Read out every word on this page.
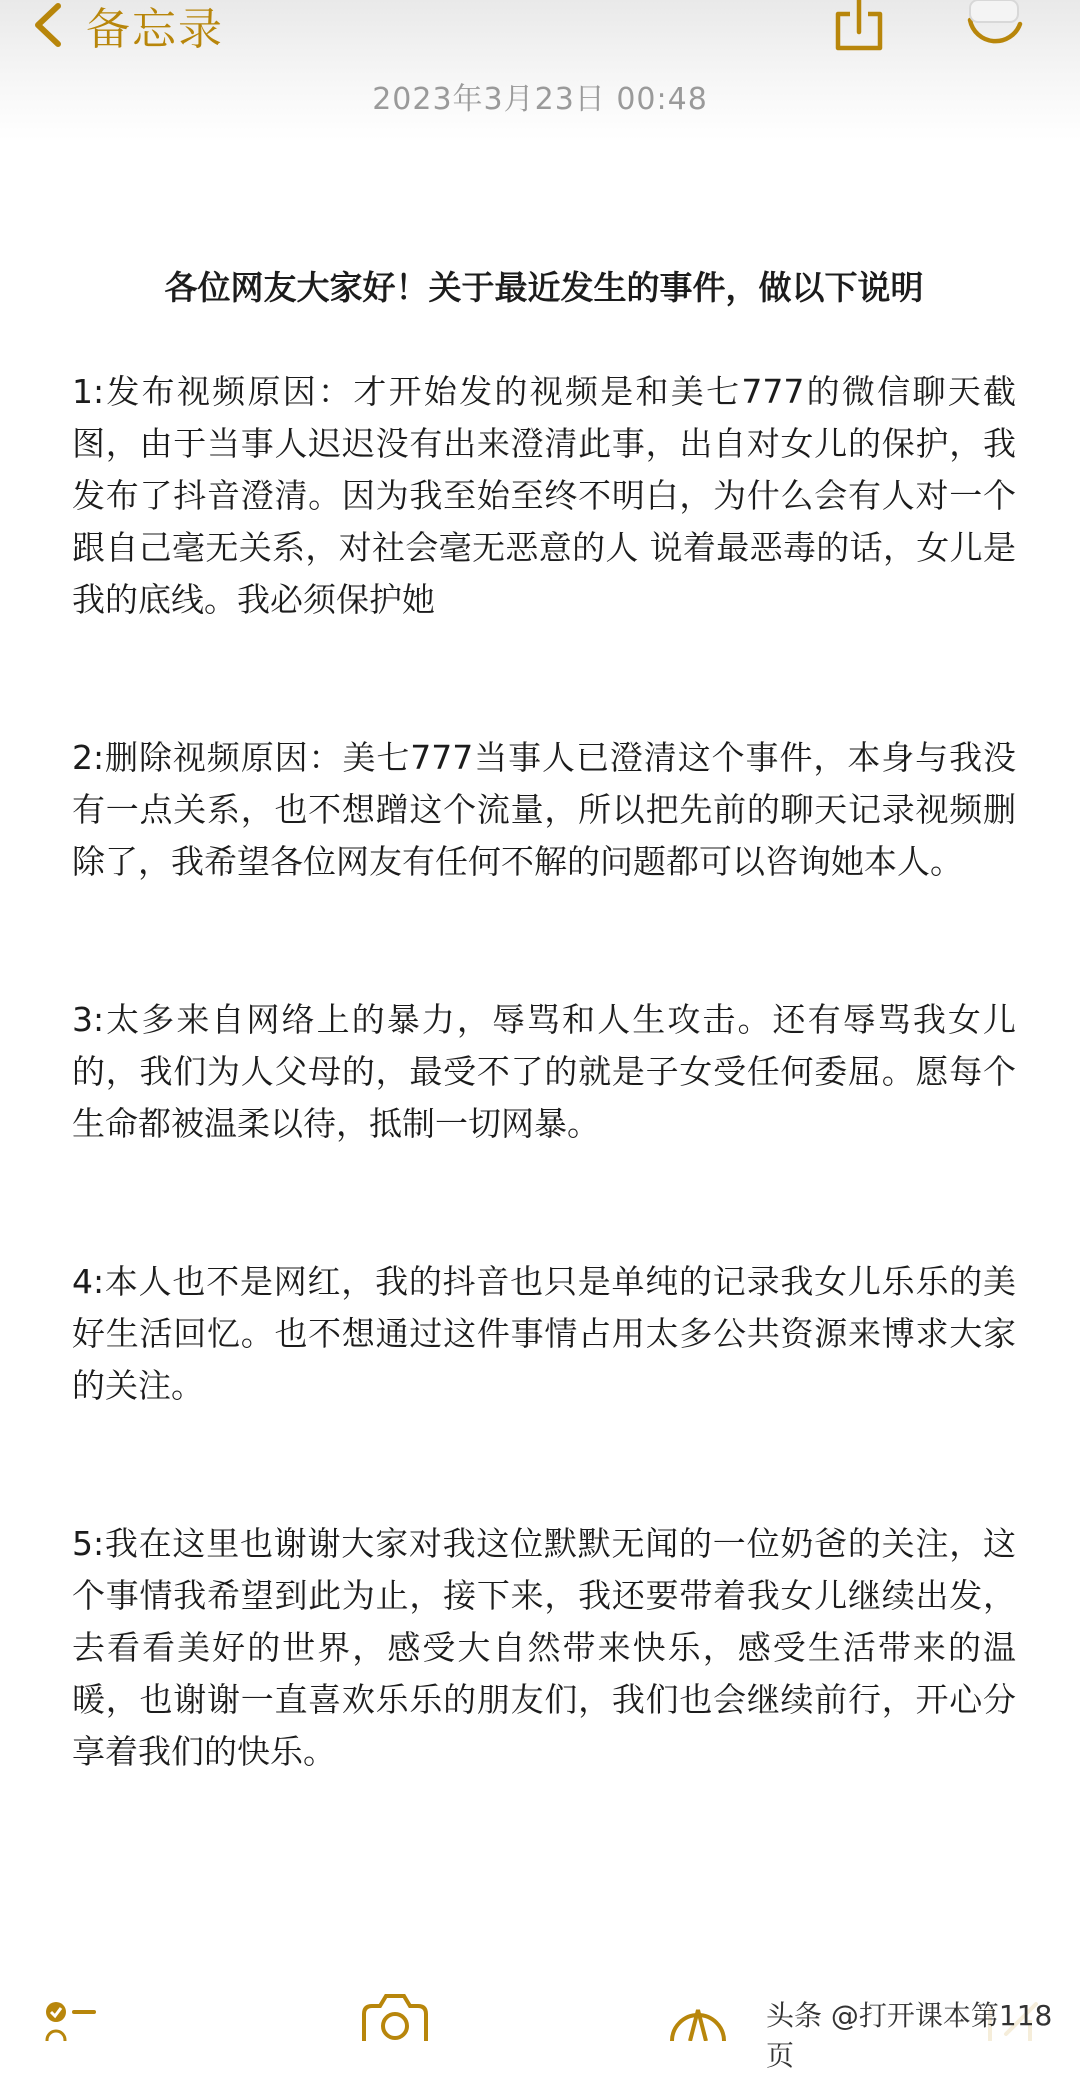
备忘录
2023年3月23日 00:48
各位网友大家好！关于最近发生的事件，做以下说明

1:发布视频原因：才开始发的视频是和美七777的微信聊天截图，由于当事人迟迟没有出来澄清此事，出自对女儿的保护，我发布了抖音澄清。因为我至始至终不明白，为什么会有人对一个跟自己毫无关系，对社会毫无恶意的人 说着最恶毒的话，女儿是我的底线。我必须保护她

2:删除视频原因：美七777当事人已澄清这个事件，本身与我没有一点关系，也不想蹭这个流量，所以把先前的聊天记录视频删除了，我希望各位网友有任何不解的问题都可以咨询她本人。

3:太多来自网络上的暴力，辱骂和人生攻击。还有辱骂我女儿的，我们为人父母的，最受不了的就是子女受任何委屈。愿每个生命都被温柔以待，抵制一切网暴。

4:本人也不是网红，我的抖音也只是单纯的记录我女儿乐乐的美好生活回忆。也不想通过这件事情占用太多公共资源来博求大家的关注。

5:我在这里也谢谢大家对我这位默默无闻的一位奶爸的关注，这个事情我希望到此为止，接下来，我还要带着我女儿继续出发，去看看美好的世界，感受大自然带来快乐，感受生活带来的温暖，也谢谢一直喜欢乐乐的朋友们，我们也会继续前行，开心分享着我们的快乐。

头条 @打开课本第118页
